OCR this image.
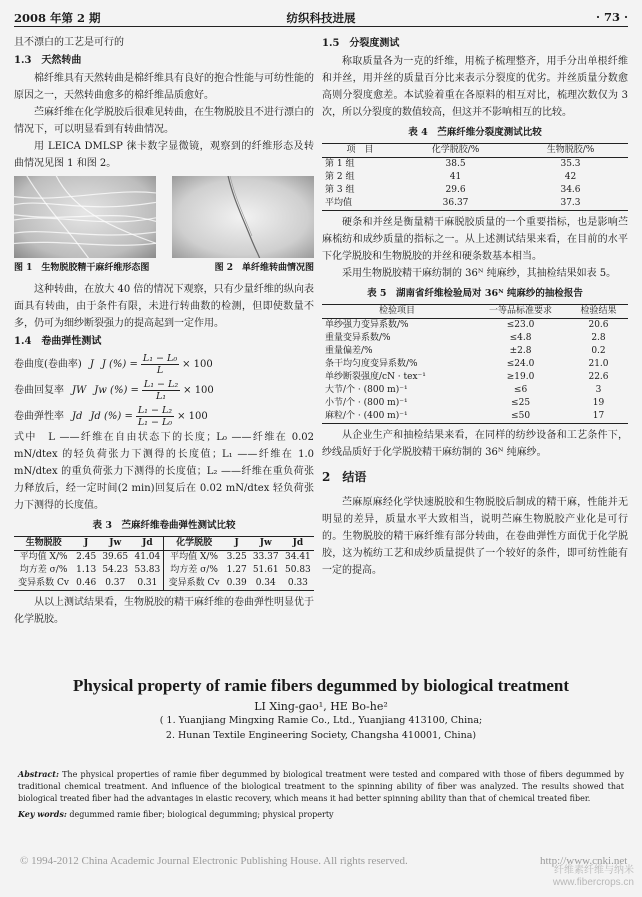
2008 年第 2 期	纺织科技进展	· 73 ·

且不漂白的工艺是可行的

1.3　天然转曲

棉纤维具有天然转曲是棉纤维具有良好的抱合性能与可纺性能的原因之一，天然转曲愈多的棉纤维品质愈好。

苎麻纤维在化学脱胶后很难见转曲，在生物脱胶且不进行漂白的情况下，可以明显看到有转曲情况。

用 LEICA DMLSP 徕卡数字显微镜，观察到的纤维形态及转曲情况见图 1 和图 2。

图 1　生物脱胶精干麻纤维形态图	图 2　单纤维转曲情况图

这种转曲，在放大 40 倍的情况下观察，只有少量纤维的纵向表面具有转曲，由于条件有限，未进行转曲数的检测，但即使数量不多，仍可为细纱断裂强力的提高起到一定作用。

1.4　卷曲弹性测试
卷曲度(卷曲率) J J (%) = $\frac{\text{L₁ − L₀}}{L} \times 100$
卷曲回复率 JW Jw (%) = $\frac{\text{L₁ − L₂}}{\text{L₁}} \times 100$
卷曲弹性率 Jd Jd (%) = $\frac{\text{L₁ − L₂}}{\text{L₁ − L₀}} \times 100$

式中　L ——纤维在自由状态下的长度；L₀ ——纤维在 0.02 mN/dtex 的轻负荷张力下测得的长度值；L₁ ——纤维在 1.0 mN/dtex 的重负荷张力下测得的长度值；L₂ ——纤维在重负荷张力释放后，经一定时间(2 min)回复后在 0.02 mN/dtex 轻负荷张力下测得的长度值。

表 3　苎麻纤维卷曲弹性测试比较
生物脱胶	J	Jw	Jd	化学脱胶	J	Jw	Jd
平均值 X/%	2.45	39.65	41.04	平均值 X/%	3.25	33.37	34.41
均方差 σ/%	1.13	54.23	53.83	均方差 σ/%	1.27	51.61	50.83
变异系数 Cv	0.46	0.37	0.31	变异系数 Cv	0.39	0.34	0.33

从以上测试结果看，生物脱胶的精干麻纤维的卷曲弹性明显优于化学脱胶。

1.5　分裂度测试

称取质量各为一克的纤维，用梳子梳理整齐，用手分出单根纤维和并丝，用并丝的质量百分比来表示分裂度的优劣。并丝质量分数愈高则分裂度愈差。本试验着重在各原料的相互对比，梳理次数仅为 3 次，所以分裂度的数值较高，但这并不影响相互的比较。

表 4　苎麻纤维分裂度测试比较
项　目	化学脱胶/%	生物脱胶/%
第 1 组	38.5	35.3
第 2 组	41	42
第 3 组	29.6	34.6
平均值	36.37	37.3

硬条和并丝是衡量精干麻脱胶质量的一个重要指标，也是影响苎麻梳纺和成纱质量的指标之一。从上述测试结果来看，在目前的水平下化学脱胶和生物脱胶的并丝和硬条数基本相当。

采用生物脱胶精干麻纺制的 36ᴺ 纯麻纱，其抽检结果如表 5。

表 5　湖南省纤维检验局对 36ᴺ 纯麻纱的抽检报告
检验项目	一等品标准要求	检验结果
单纱强力变异系数/%	≤23.0	20.6
重量变异系数/%	≤4.8	2.8
重量偏差/%	±2.8	0.2
条干均匀度变异系数/%	≤24.0	21.0
单纱断裂强度/cN · tex⁻¹	≥19.0	22.6
大节/个 · (800 m)⁻¹	≤6	3
小节/个 · (800 m)⁻¹	≤25	19
麻粒/个 · (400 m)⁻¹	≤50	17

从企业生产和抽检结果来看，在同样的纺纱设备和工艺条件下，纱线品质好于化学脱胶精干麻纺制的 36ᴺ 纯麻纱。

2　结语

苎麻原麻经化学快速脱胶和生物脱胶后制成的精干麻，性能并无明显的差异，质量水平大致相当，说明苎麻生物脱胶产业化是可行的。生物脱胶的精干麻纤维有部分转曲，在卷曲弹性方面优于化学脱胶，这为梳纺工艺和成纱质量提供了一个较好的条件，即可纺性能有一定的提高。

Physical property of ramie fibers degummed by biological treatment
LI Xing-gao¹, HE Bo-he²
( 1. Yuanjiang Mingxing Ramie Co., Ltd., Yuanjiang 413100, China;
2. Hunan Textile Engineering Society, Changsha 410001, China)
Abstract: The physical properties of ramie fiber degummed by biological treatment were tested and compared with those of fibers degummed by traditional chemical treatment. And influence of the biological treatment to the spinning ability of fiber was analyzed. The results showed that biological treated fiber had the advantages in elastic recovery, which means it had better spinning ability than that of chemical treated fiber.
Key words: degummed ramie fiber; biological degumming; physical property
© 1994-2012 China Academic Journal Electronic Publishing House. All rights reserved.	http://www.cnki.net
纤维素纤维与纳米
www.fibercrops.cn
